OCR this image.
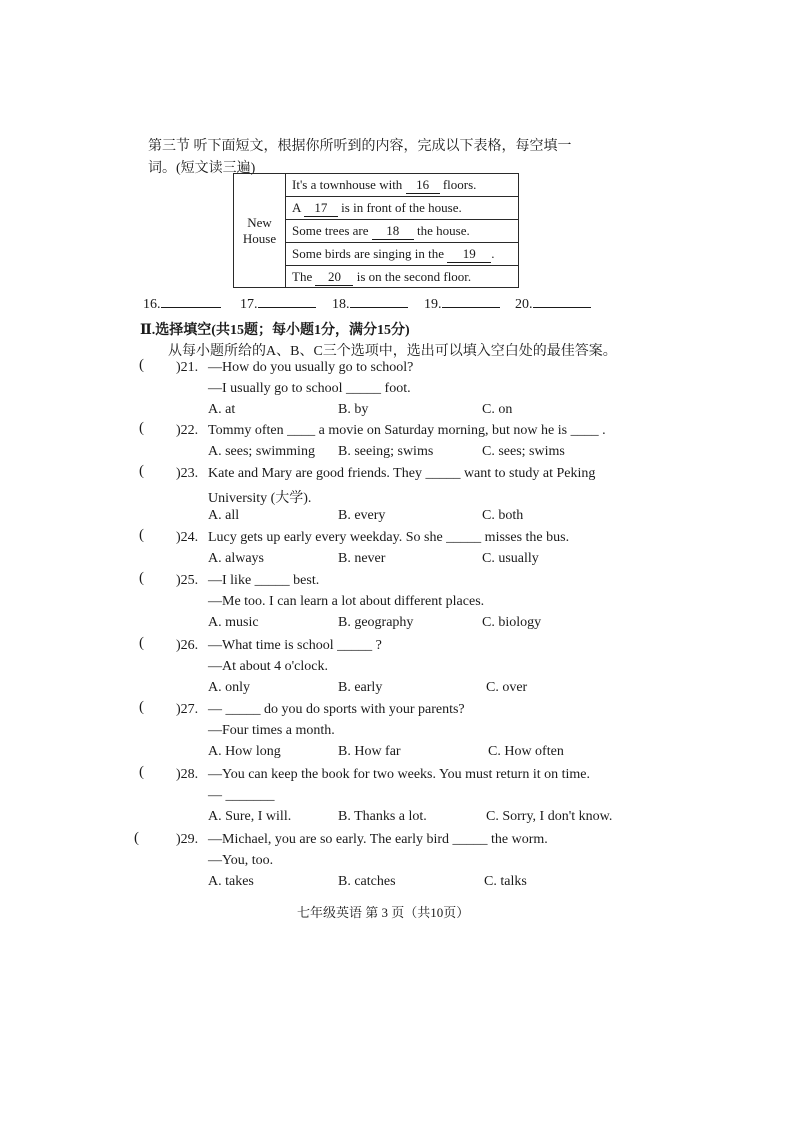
第三节 听下面短文，根据你所听到的内容，完成以下表格，每空填一
词。(短文读三遍)
New
House
It's a townhouse with 16 floors.
A 17 is in front of the house.
Some trees are 18 the house.
Some birds are singing in the 19 .
The 20 is on the second floor.
16.	17.	18.	19.	20.
Ⅱ.选择填空(共15题；每小题1分，满分15分)
从每小题所给的A、B、C三个选项中，选出可以填入空白处的最佳答案。
( )21. —How do you usually go to school?
—I usually go to school _____ foot.
A. at	B. by	C. on
( )22. Tommy often ____ a movie on Saturday morning, but now he is ____ .
A. sees; swimming B. seeing; swims	C. sees; swims
( )23. Kate and Mary are good friends. They _____ want to study at Peking
University (大学).
A. all	B. every	C. both
( )24. Lucy gets up early every weekday. So she _____ misses the bus.
A. always	B. never	C. usually
( )25. —I like _____ best.
—Me too. I can learn a lot about different places.
A. music	B. geography	C. biology
( )26. —What time is school _____ ?
—At about 4 o'clock.
A. only	B. early	C. over
( )27. — _____ do you do sports with your parents?
—Four times a month.
A. How long	B. How far	C. How often
( )28. —You can keep the book for two weeks. You must return it on time.
— _______
A. Sure, I will.	B. Thanks a lot.	C. Sorry, I don't know.
(	)29. —Michael, you are so early. The early bird _____ the worm.
—You, too.
A. takes	B. catches	C. talks
七年级英语 第 3 页（共10页）
